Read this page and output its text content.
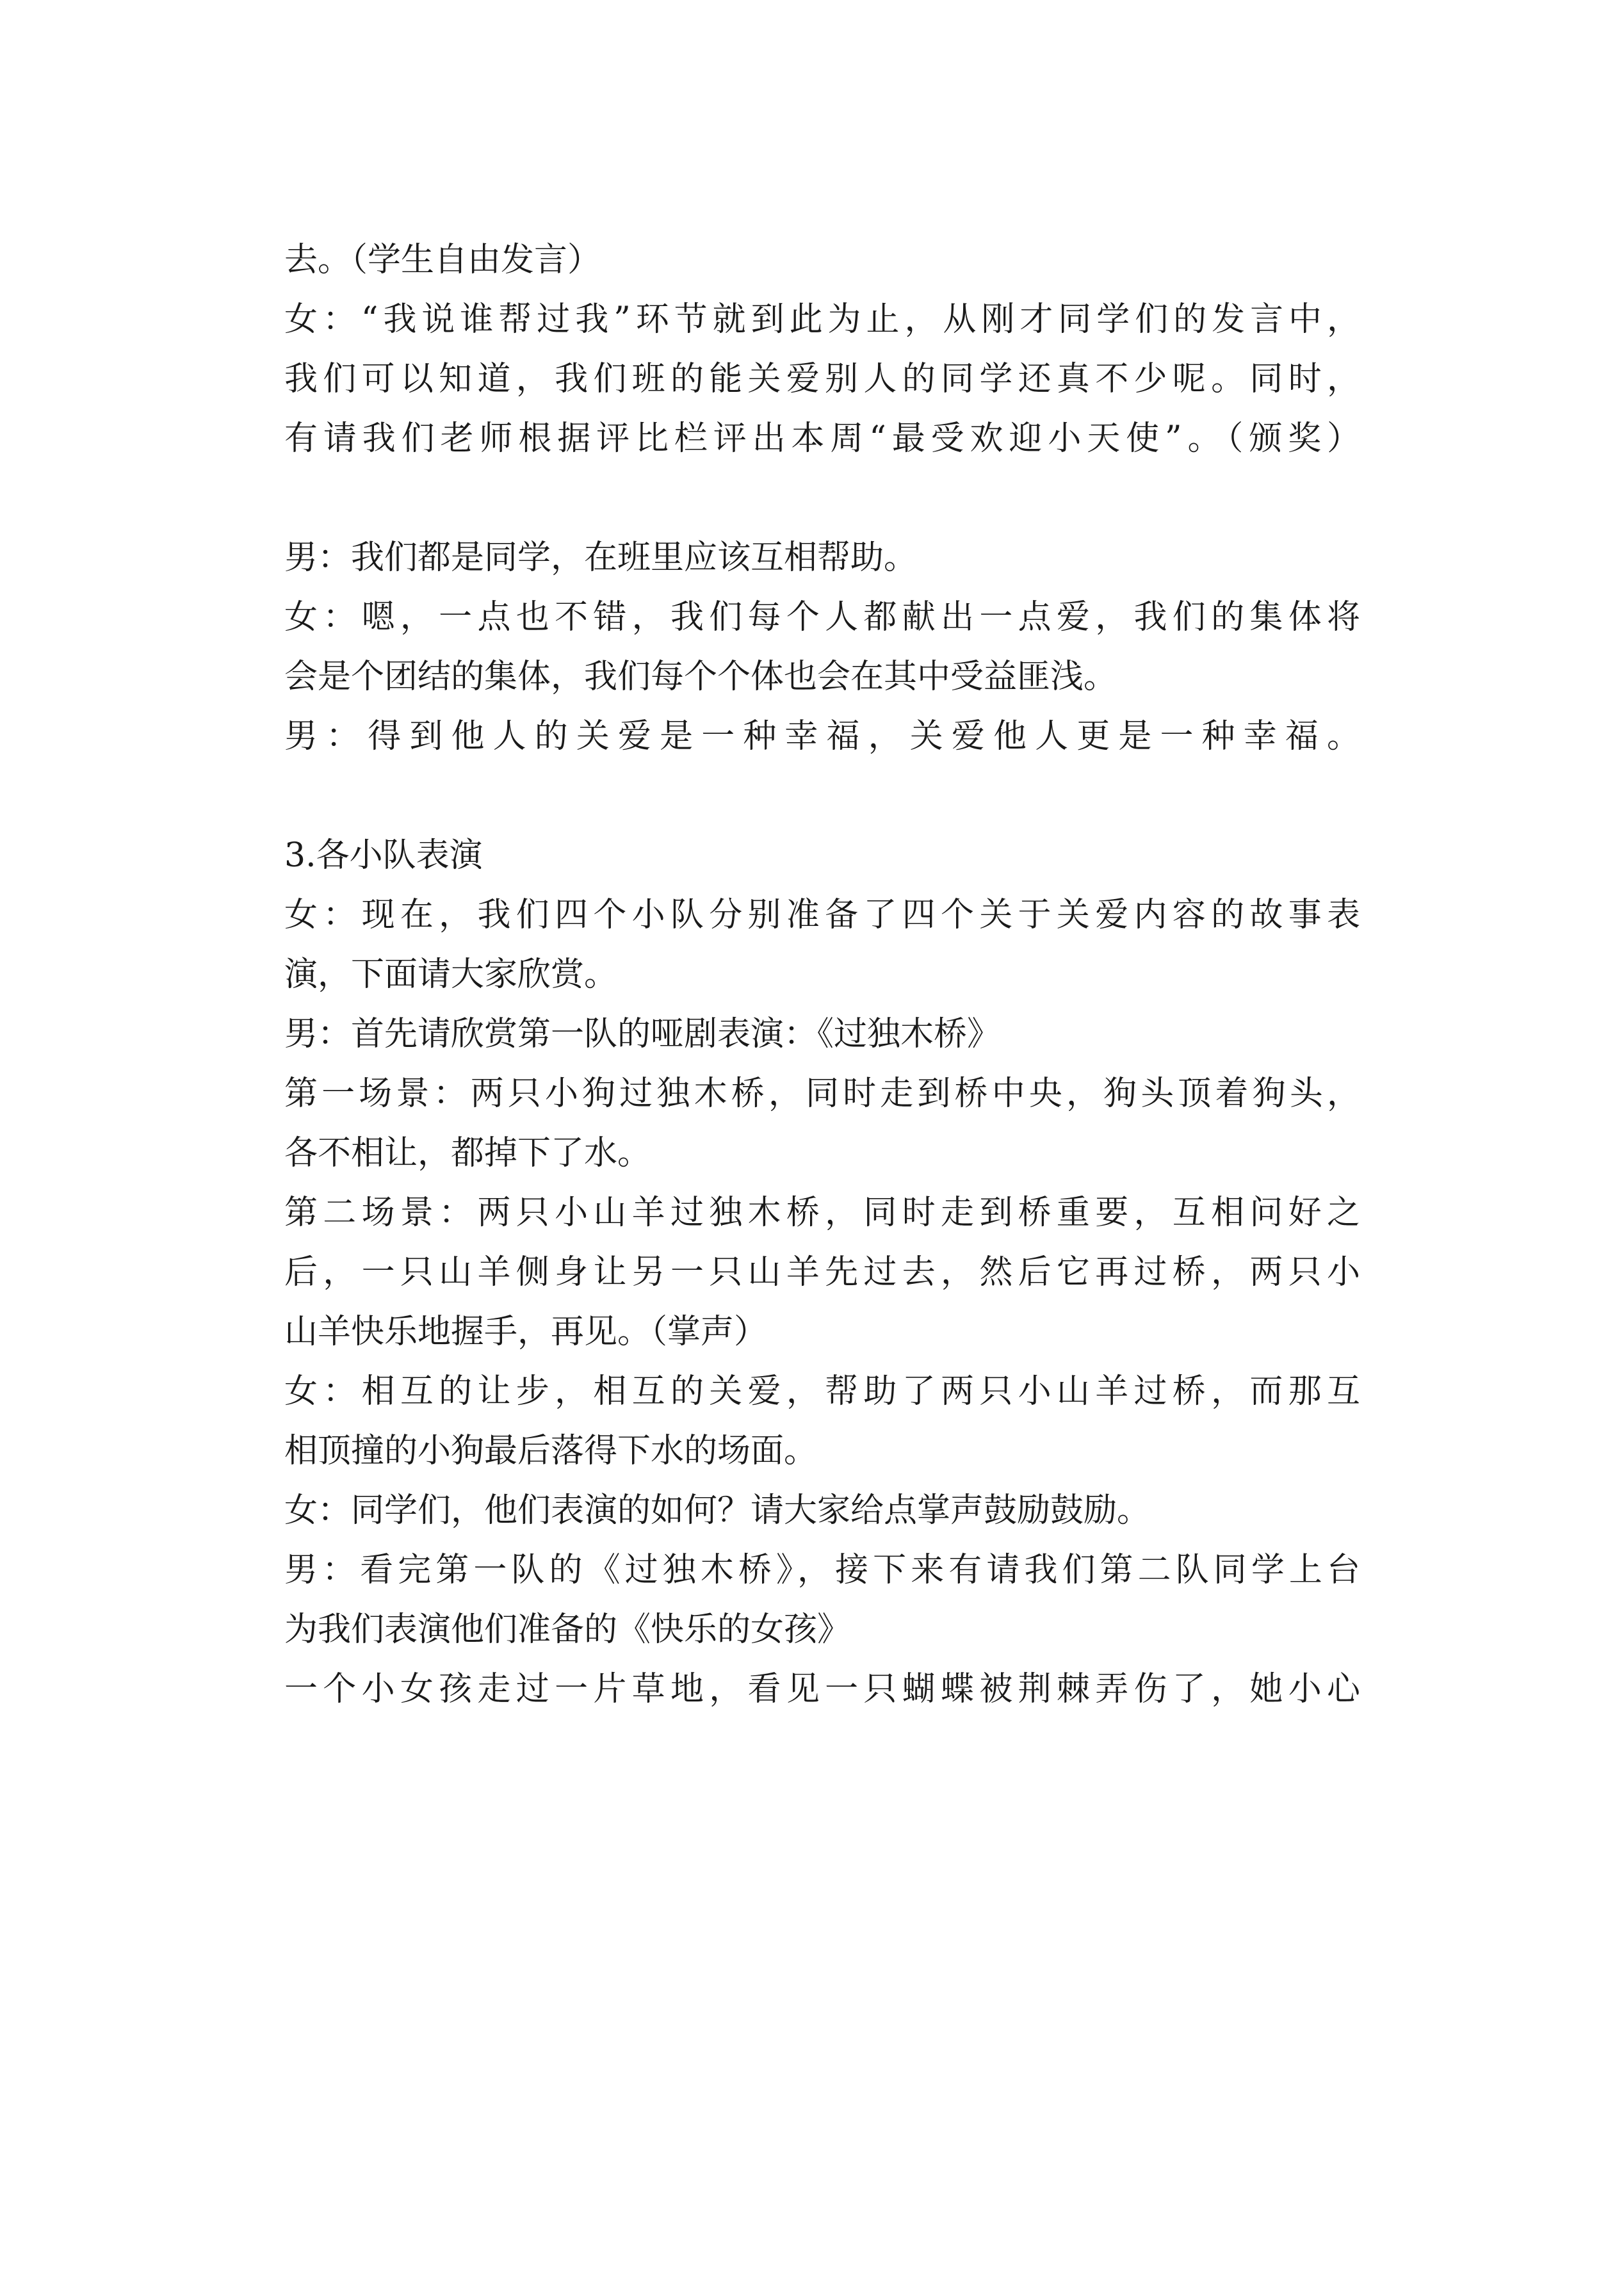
去。（学生自由发言）
女：“我说谁帮过我”环节就到此为止，从刚才同学们的发言中，
我们可以知道，我们班的能关爱别人的同学还真不少呢。同时，
有请我们老师根据评比栏评出本周“最受欢迎小天使”。（颁奖）
男：我们都是同学，在班里应该互相帮助。
女：嗯，一点也不错，我们每个人都献出一点爱，我们的集体将
会是个团结的集体，我们每个个体也会在其中受益匪浅。
男：得到他人的关爱是一种幸福，关爱他人更是一种幸福。
3.各小队表演
女：现在，我们四个小队分别准备了四个关于关爱内容的故事表
演，下面请大家欣赏。
男：首先请欣赏第一队的哑剧表演：《过独木桥》
第一场景：两只小狗过独木桥，同时走到桥中央，狗头顶着狗头，
各不相让，都掉下了水。
第二场景：两只小山羊过独木桥，同时走到桥重要，互相问好之
后，一只山羊侧身让另一只山羊先过去，然后它再过桥，两只小
山羊快乐地握手，再见。（掌声）
女：相互的让步，相互的关爱，帮助了两只小山羊过桥，而那互
相顶撞的小狗最后落得下水的场面。
女：同学们，他们表演的如何？请大家给点掌声鼓励鼓励。
男：看完第一队的《过独木桥》，接下来有请我们第二队同学上台
为我们表演他们准备的《快乐的女孩》
一个小女孩走过一片草地，看见一只蝴蝶被荆棘弄伤了，她小心
